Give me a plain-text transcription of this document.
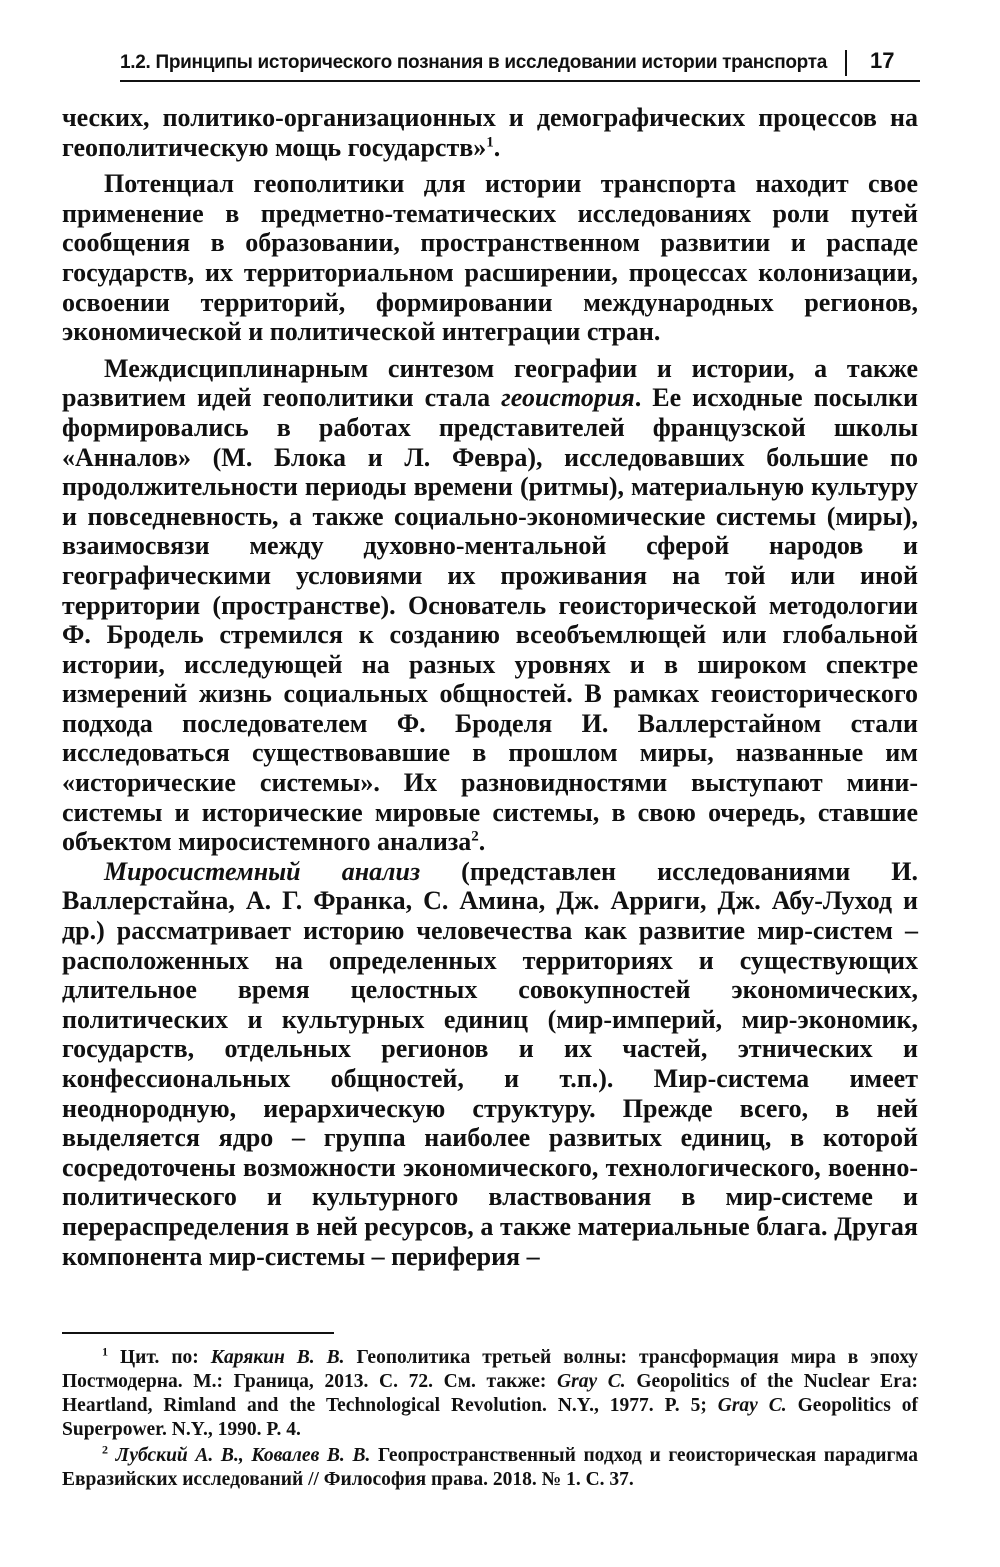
1.2. Принципы исторического познания в исследовании истории транспорта 17

ческих, политико-организационных и демографических процессов на геополитическую мощь государств»$^1$.

Потенциал геополитики для истории транспорта находит свое применение в предметно-тематических исследованиях роли путей сообщения в образовании, пространственном развитии и распаде государств, их территориальном расширении, процессах колонизации, освоении территорий, формировании международных регионов, экономической и политической интеграции стран.

Междисциплинарным синтезом географии и истории, а также развитием идей геополитики стала геоистория. Ее исходные посылки формировались в работах представителей французской школы «Анналов» (М. Блока и Л. Февра), исследовавших большие по продолжительности периоды времени (ритмы), материальную культуру и повседневность, а также социально-экономические системы (миры), взаимосвязи между духовно-ментальной сферой народов и географическими условиями их проживания на той или иной территории (пространстве). Основатель геоисторической методологии Ф. Бродель стремился к созданию всеобъемлющей или глобальной истории, исследующей на разных уровнях и в широком спектре измерений жизнь социальных общностей. В рамках геоисторического подхода последователем Ф. Броделя И. Валлерстайном стали исследоваться существовавшие в прошлом миры, названные им «исторические системы». Их разновидностями выступают мини-системы и исторические мировые системы, в свою очередь, ставшие объектом миросистемного анализа$^2$.

Миросистемный анализ (представлен исследованиями И. Валлерстайна, А. Г. Франка, С. Амина, Дж. Арриги, Дж. Абу-Луход и др.) рассматривает историю человечества как развитие мир-систем – расположенных на определенных территориях и существующих длительное время целостных совокупностей экономических, политических и культурных единиц (мир-империй, мир-экономик, государств, отдельных регионов и их частей, этнических и конфессиональных общностей, и т.п.). Мир-система имеет неоднородную, иерархическую структуру. Прежде всего, в ней выделяется ядро – группа наиболее развитых единиц, в которой сосредоточены возможности экономического, технологического, военно-политического и культурного властвования в мир-системе и перераспределения в ней ресурсов, а также материальные блага. Другая компонента мир-системы – периферия –

$^1$ Цит. по: Карякин В. В. Геополитика третьей волны: трансформация мира в эпоху Постмодерна. М.: Граница, 2013. С. 72. См. также: Gray C. Geopolitics of the Nuclear Era: Heartland, Rimland and the Technological Revolution. N.Y., 1977. P. 5; Gray C. Geopolitics of Superpower. N.Y., 1990. P. 4.

$^2$ Лубский А. В., Ковалев В. В. Геопространственный подход и геоисторическая парадигма Евразийских исследований // Философия права. 2018. № 1. С. 37.
